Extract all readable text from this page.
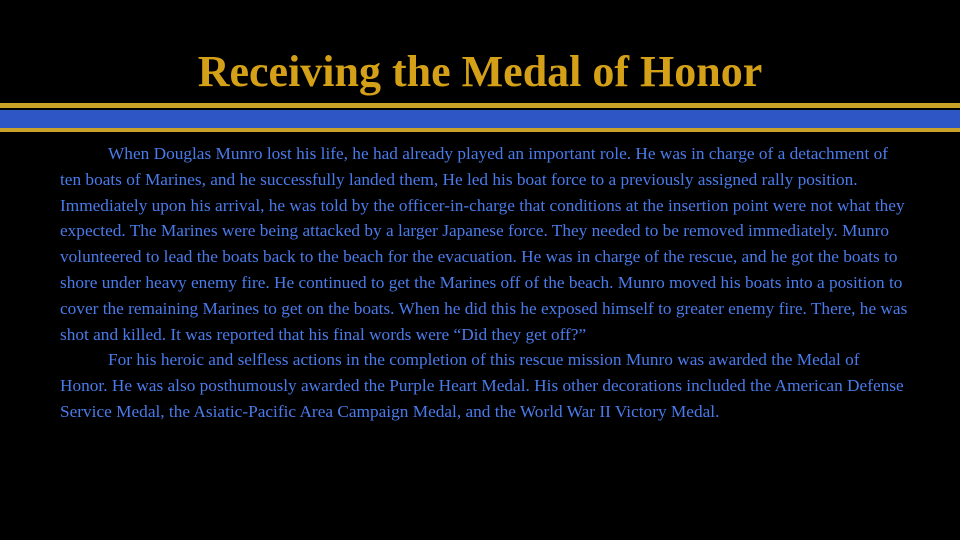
Receiving the Medal of Honor

When Douglas Munro lost his life, he had already played an important role. He was in charge of a detachment of ten boats of Marines, and he successfully landed them, He led his boat force to a previously assigned rally position. Immediately upon his arrival, he was told by the officer-in-charge that conditions at the insertion point were not what they expected. The Marines were being attacked by a larger Japanese force. They needed to be removed immediately. Munro volunteered to lead the boats back to the beach for the evacuation. He was in charge of the rescue, and he got the boats to shore under heavy enemy fire. He continued to get the Marines off of the beach. Munro moved his boats into a position to cover the remaining Marines to get on the boats. When he did this he exposed himself to greater enemy fire. There, he was shot and killed. It was reported that his final words were “Did they get off?”

For his heroic and selfless actions in the completion of this rescue mission Munro was awarded the Medal of Honor. He was also posthumously awarded the Purple Heart Medal. His other decorations included the American Defense Service Medal, the Asiatic-Pacific Area Campaign Medal, and the World War II Victory Medal.
